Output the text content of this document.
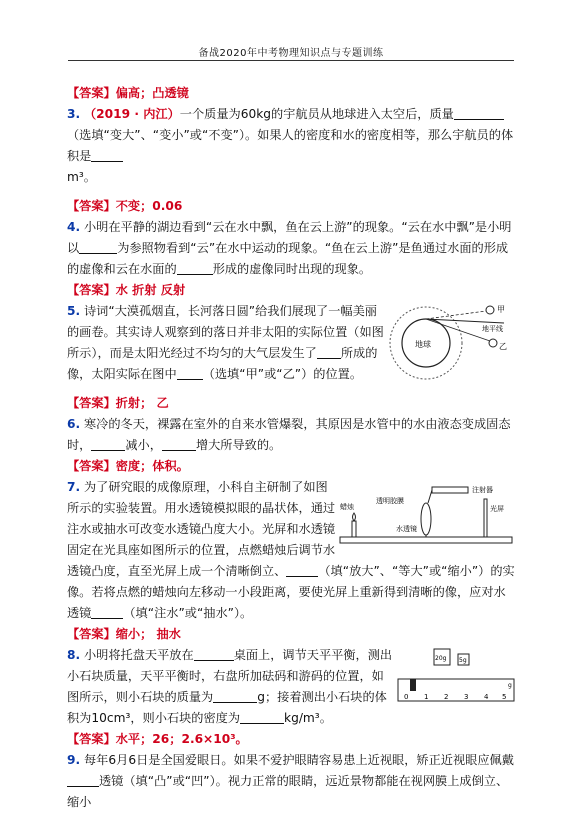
备战2020年中考物理知识点与专题训练

【答案】偏高；凸透镜

3. （2019 · 内江）一个质量为60kg的宇航员从地球进入太空后，质量（选填“变大”、“变小”或“不变”）。如果人的密度和水的密度相等，那么宇航员的体积是
m³。

【答案】不变；0.06

4. 小明在平静的湖边看到“云在水中飘，鱼在云上游”的现象。“云在水中飘”是小明以	为参照物看到“云”在水中运动的现象。“鱼在云上游”是鱼通过水面的形成的虚像和云在水面的	形成的虚像同时出现的现象。

【答案】水 折射 反射

地球
甲
地平线
乙

5. 诗词“大漠孤烟直，长河落日圆”给我们展现了一幅美丽的画卷。其实诗人观察到的落日并非太阳的实际位置（如图所示），而是太阳光经过不均匀的大气层发生了 所成的像，太阳实际在图中 （选填“甲”或“乙”）的位置。

【答案】折射； 乙

6. 寒冷的冬天，裸露在室外的自来水管爆裂，其原因是水管中的水由液态变成固态时，	减小，	增大所导致的。

【答案】密度；体积。

蜡烛
水透镜
透明胶膜
注射器
光屏

7. 为了研究眼的成像原理，小科自主研制了如图所示的实验装置。用水透镜模拟眼的晶状体，通过注水或抽水可改变水透镜凸度大小。光屏和水透镜固定在光具座如图所示的位置，点燃蜡烛后调节水透镜凸度，直至光屏上成一个清晰倒立、	（填“放大”、“等大”或“缩小”）的实像。若将点燃的蜡烛向左移动一小段距离，要使光屏上重新得到清晰的像，应对水透镜	（填“注水”或“抽水”）。

【答案】缩小； 抽水

20g 5g
0 1 2 3 4 5
g

8. 小明将托盘天平放在	桌面上，调节天平平衡，测出小石块质量，天平平衡时，右盘所加砝码和游码的位置，如图所示，则小石块的质量为	g；接着测出小石块的体积为10cm³，则小石块的密度为	kg/m³。

【答案】水平；26；2.6×10³。

9. 每年6月6日是全国爱眼日。如果不爱护眼睛容易患上近视眼，矫正近视眼应佩戴透镜（填“凸”或“凹”）。视力正常的眼睛，远近景物都能在视网膜上成倒立、缩小
